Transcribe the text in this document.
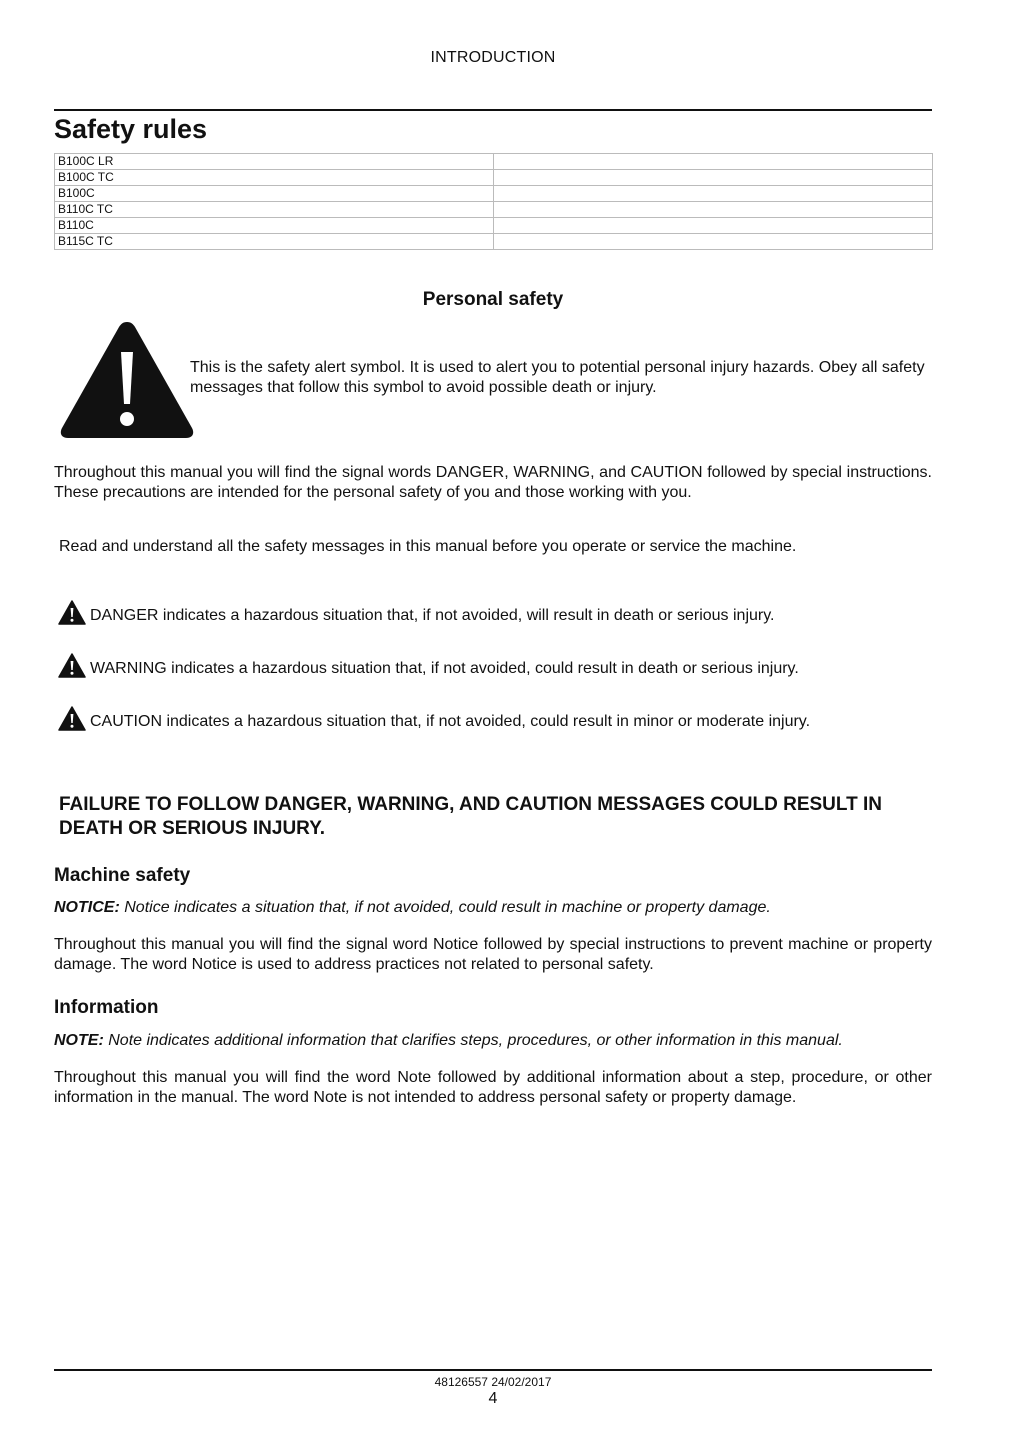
INTRODUCTION
Safety rules
B100C LR	
B100C TC	
B100C	
B110C TC	
B110C	
B115C TC	
Personal safety
This is the safety alert symbol. It is used to alert you to potential personal injury hazards. Obey all safety messages that follow this symbol to avoid possible death or injury.
Throughout this manual you will find the signal words DANGER, WARNING, and CAUTION followed by special instructions. These precautions are intended for the personal safety of you and those working with you.
Read and understand all the safety messages in this manual before you operate or service the machine.
DANGER indicates a hazardous situation that, if not avoided, will result in death or serious injury.
WARNING indicates a hazardous situation that, if not avoided, could result in death or serious injury.
CAUTION indicates a hazardous situation that, if not avoided, could result in minor or moderate injury.
FAILURE TO FOLLOW DANGER, WARNING, AND CAUTION MESSAGES COULD RESULT IN DEATH OR SERIOUS INJURY.
Machine safety
NOTICE: Notice indicates a situation that, if not avoided, could result in machine or property damage.
Throughout this manual you will find the signal word Notice followed by special instructions to prevent machine or property damage. The word Notice is used to address practices not related to personal safety.
Information
NOTE: Note indicates additional information that clarifies steps, procedures, or other information in this manual.
Throughout this manual you will find the word Note followed by additional information about a step, procedure, or other information in the manual. The word Note is not intended to address personal safety or property damage.
48126557 24/02/2017
4
